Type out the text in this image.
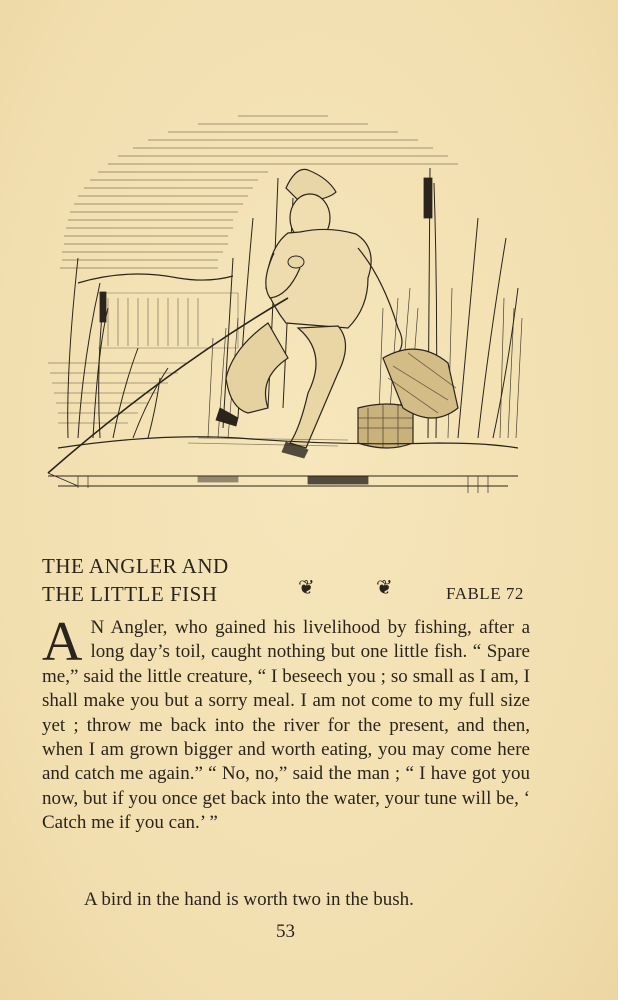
THE ANGLER AND
THE LITTLE FISH	❦	❦	FABLE 72
A N Angler, who gained his livelihood by fishing, after a long day’s toil, caught nothing but one little fish. “ Spare me,” said the little creature, “ I beseech you ; so small as I am, I shall make you but a sorry meal. I am not come to my full size yet ; throw me back into the river for the present, and then, when I am grown bigger and worth eating, you may come here and catch me again.” “ No, no,” said the man ; “ I have got you now, but if you once get back into the water, your tune will be, ‘ Catch me if you can.’ ”
A bird in the hand is worth two in the bush.
53
